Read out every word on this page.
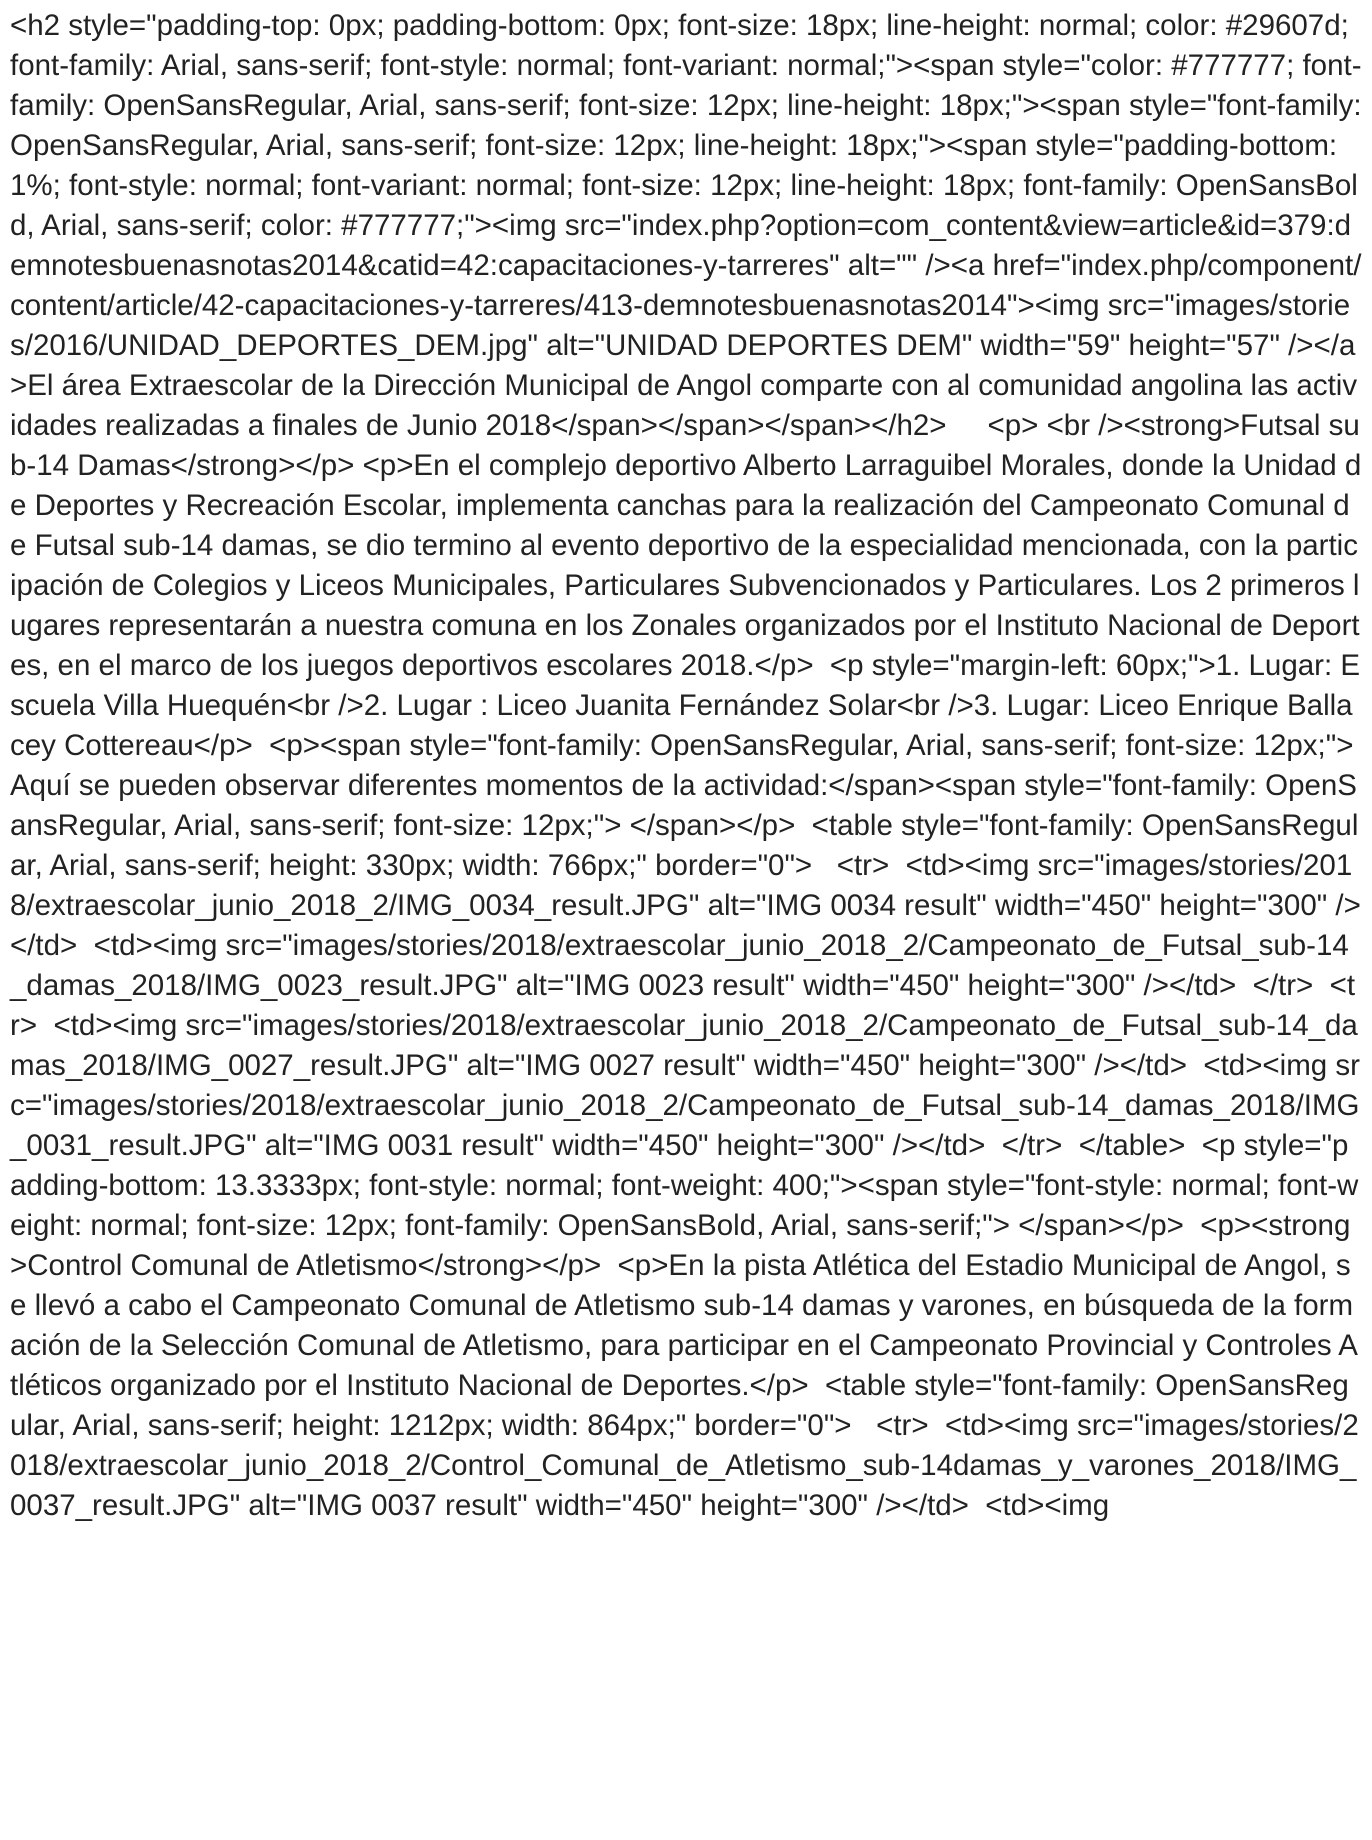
<h2 style="padding-top: 0px; padding-bottom: 0px; font-size: 18px; line-height: normal; color: #29607d; font-family: Arial, sans-serif; font-style: normal; font-variant: normal;"><span style="color: #777777; font-family: OpenSansRegular, Arial, sans-serif; font-size: 12px; line-height: 18px;"><span style="font-family: OpenSansRegular, Arial, sans-serif; font-size: 12px; line-height: 18px;"><span style="padding-bottom: 1%; font-style: normal; font-variant: normal; font-size: 12px; line-height: 18px; font-family: OpenSansBold, Arial, sans-serif; color: #777777;"><img src="index.php?option=com_content&view=article&id=379:demnotesbuenasnotas2014&catid=42:capacitaciones-y-tarreres" alt="" /><a href="index.php/component/content/article/42-capacitaciones-y-tarreres/413-demnotesbuenasnotas2014"><img src="images/stories/2016/UNIDAD_DEPORTES_DEM.jpg" alt="UNIDAD DEPORTES DEM" width="59" height="57" /></a>El área Extraescolar de la Dirección Municipal de Angol comparte con al comunidad angolina las actividades realizadas a finales de Junio 2018</span></span></span></h2>     <p> <br /><strong>Futsal sub-14 Damas</strong></p> <p>En el complejo deportivo Alberto Larraguibel Morales, donde la Unidad de Deportes y Recreación Escolar, implementa canchas para la realización del Campeonato Comunal de Futsal sub-14 damas, se dio termino al evento deportivo de la especialidad mencionada, con la participación de Colegios y Liceos Municipales, Particulares Subvencionados y Particulares. Los 2 primeros lugares representarán a nuestra comuna en los Zonales organizados por el Instituto Nacional de Deportes, en el marco de los juegos deportivos escolares 2018.</p>  <p style="margin-left: 60px;">1. Lugar: Escuela Villa Huequén<br />2. Lugar : Liceo Juanita Fernández Solar<br />3. Lugar: Liceo Enrique Ballacey Cottereau</p>  <p><span style="font-family: OpenSansRegular, Arial, sans-serif; font-size: 12px;">Aquí se pueden observar diferentes momentos de la actividad:</span><span style="font-family: OpenSansRegular, Arial, sans-serif; font-size: 12px;"> </span></p>  <table style="font-family: OpenSansRegular, Arial, sans-serif; height: 330px; width: 766px;" border="0">   <tr>  <td><img src="images/stories/2018/extraescolar_junio_2018_2/IMG_0034_result.JPG" alt="IMG 0034 result" width="450" height="300" /></td>  <td><img src="images/stories/2018/extraescolar_junio_2018_2/Campeonato_de_Futsal_sub-14_damas_2018/IMG_0023_result.JPG" alt="IMG 0023 result" width="450" height="300" /></td>  </tr>  <tr>  <td><img src="images/stories/2018/extraescolar_junio_2018_2/Campeonato_de_Futsal_sub-14_damas_2018/IMG_0027_result.JPG" alt="IMG 0027 result" width="450" height="300" /></td>  <td><img src="images/stories/2018/extraescolar_junio_2018_2/Campeonato_de_Futsal_sub-14_damas_2018/IMG_0031_result.JPG" alt="IMG 0031 result" width="450" height="300" /></td>  </tr>  </table>  <p style="padding-bottom: 13.3333px; font-style: normal; font-weight: 400;"><span style="font-style: normal; font-weight: normal; font-size: 12px; font-family: OpenSansBold, Arial, sans-serif;"> </span></p>  <p><strong>Control Comunal de Atletismo</strong></p>  <p>En la pista Atlética del Estadio Municipal de Angol, se llevó a cabo el Campeonato Comunal de Atletismo sub-14 damas y varones, en búsqueda de la formación de la Selección Comunal de Atletismo, para participar en el Campeonato Provincial y Controles Atléticos organizado por el Instituto Nacional de Deportes.</p>  <table style="font-family: OpenSansRegular, Arial, sans-serif; height: 1212px; width: 864px;" border="0">   <tr>  <td><img src="images/stories/2018/extraescolar_junio_2018_2/Control_Comunal_de_Atletismo_sub-14damas_y_varones_2018/IMG_0037_result.JPG" alt="IMG 0037 result" width="450" height="300" /></td>  <td><img
